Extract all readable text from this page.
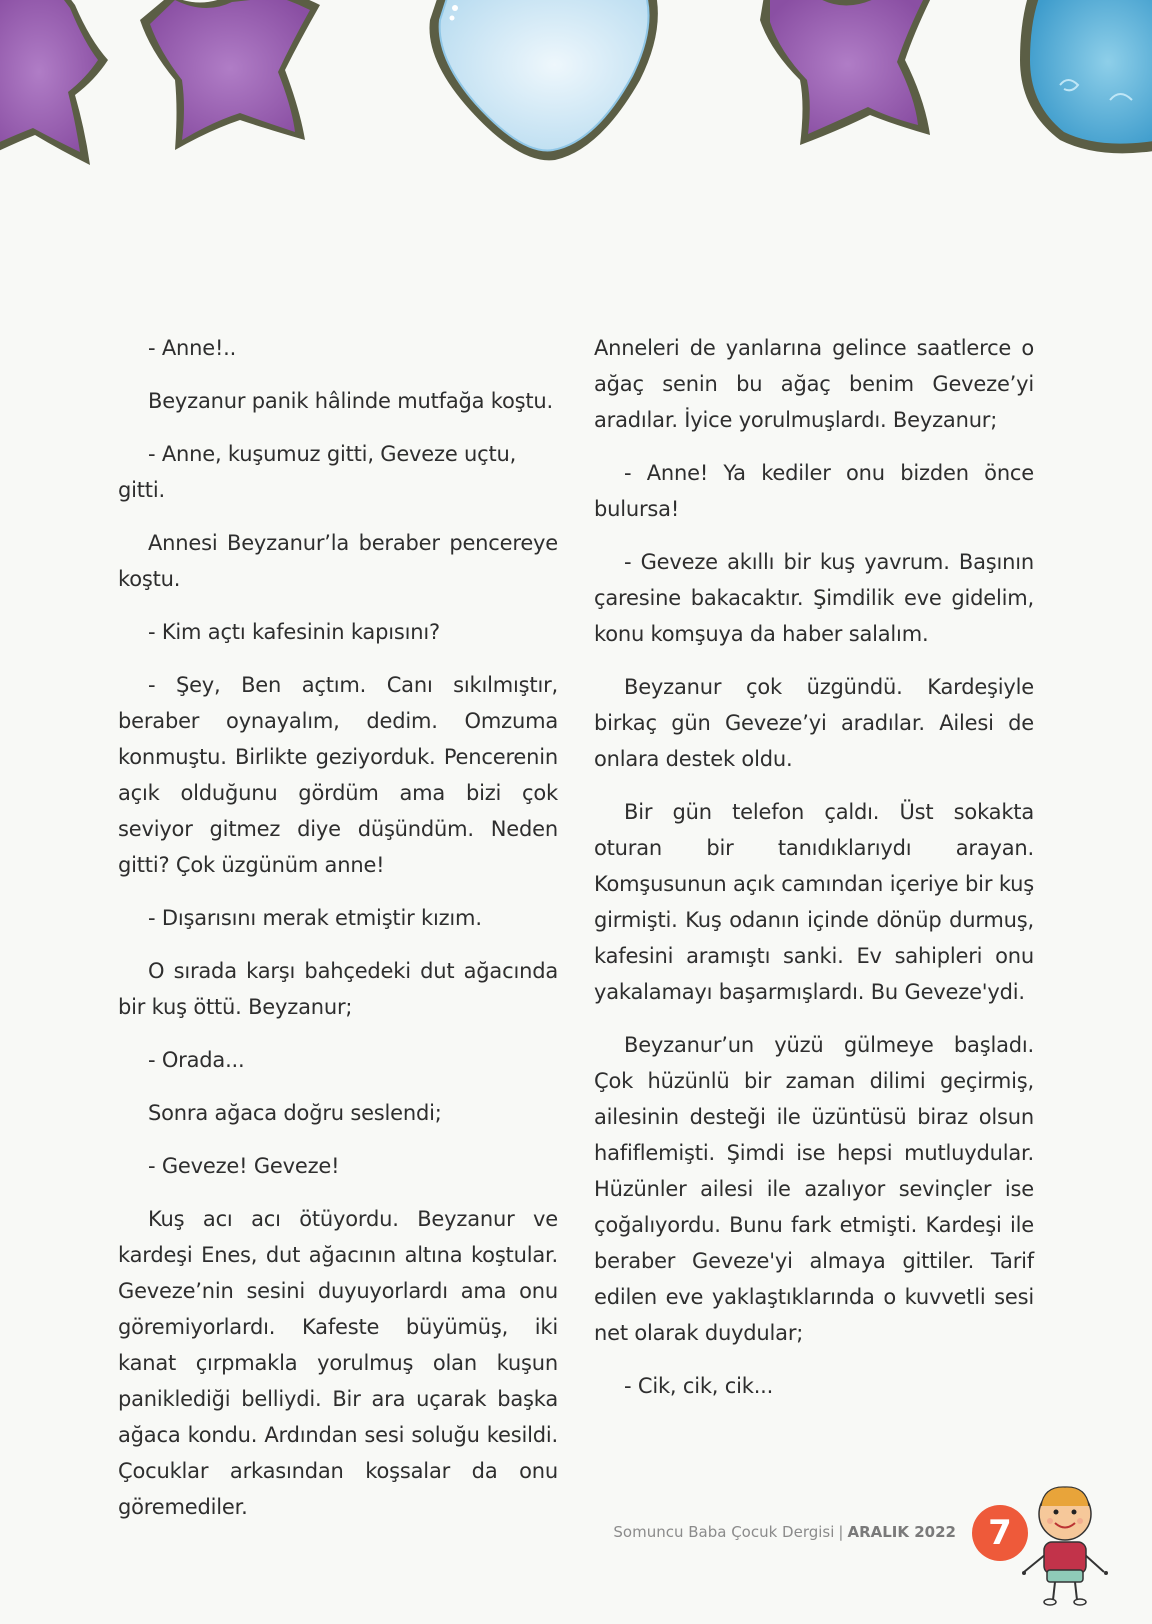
- Anne!..

Beyzanur panik hâlinde mutfağa koştu.

- Anne, kuşumuz gitti, Geveze uçtu, gitti.

Annesi Beyzanur’la beraber pencereye koştu.

- Kim açtı kafesinin kapısını?

- Şey, Ben açtım. Canı sıkılmıştır, beraber oynayalım, dedim. Omzuma konmuştu. Birlikte geziyorduk. Pencerenin açık olduğunu gördüm ama bizi çok seviyor gitmez diye düşündüm. Neden gitti? Çok üzgünüm anne!

- Dışarısını merak etmiştir kızım.

O sırada karşı bahçedeki dut ağacında bir kuş öttü. Beyzanur;

- Orada...

Sonra ağaca doğru seslendi;

- Geveze! Geveze!

Kuş acı acı ötüyordu. Beyzanur ve kardeşi Enes, dut ağacının altına koştular. Geveze’nin sesini duyuyorlardı ama onu göremiyorlardı. Kafeste büyümüş, iki kanat çırpmakla yorulmuş olan kuşun paniklediği belliydi. Bir ara uçarak başka ağaca kondu. Ardından sesi soluğu kesildi. Çocuklar arkasından koşsalar da onu göremediler.

Anneleri de yanlarına gelince saatlerce o ağaç senin bu ağaç benim Geveze’yi aradılar. İyice yorulmuşlardı. Beyzanur;

- Anne! Ya kediler onu bizden önce bulursa!

- Geveze akıllı bir kuş yavrum. Başının çaresine bakacaktır. Şimdilik eve gidelim, konu komşuya da haber salalım.

Beyzanur çok üzgündü. Kardeşiyle birkaç gün Geveze’yi aradılar. Ailesi de onlara destek oldu.

Bir gün telefon çaldı. Üst sokakta oturan bir tanıdıklarıydı arayan. Komşusunun açık camından içeriye bir kuş girmişti. Kuş odanın içinde dönüp durmuş, kafesini aramıştı sanki. Ev sahipleri onu yakalamayı başarmışlardı. Bu Geveze'ydi.

Beyzanur’un yüzü gülmeye başladı. Çok hüzünlü bir zaman dilimi geçirmiş, ailesinin desteği ile üzüntüsü biraz olsun hafiflemişti. Şimdi ise hepsi mutluydular. Hüzünler ailesi ile azalıyor sevinçler ise çoğalıyordu. Bunu fark etmişti. Kardeşi ile beraber Geveze'yi almaya gittiler. Tarif edilen eve yaklaştıklarında o kuvvetli sesi net olarak duydular;

- Cik, cik, cik...

Somuncu Baba Çocuk Dergisi | ARALIK 2022 7
